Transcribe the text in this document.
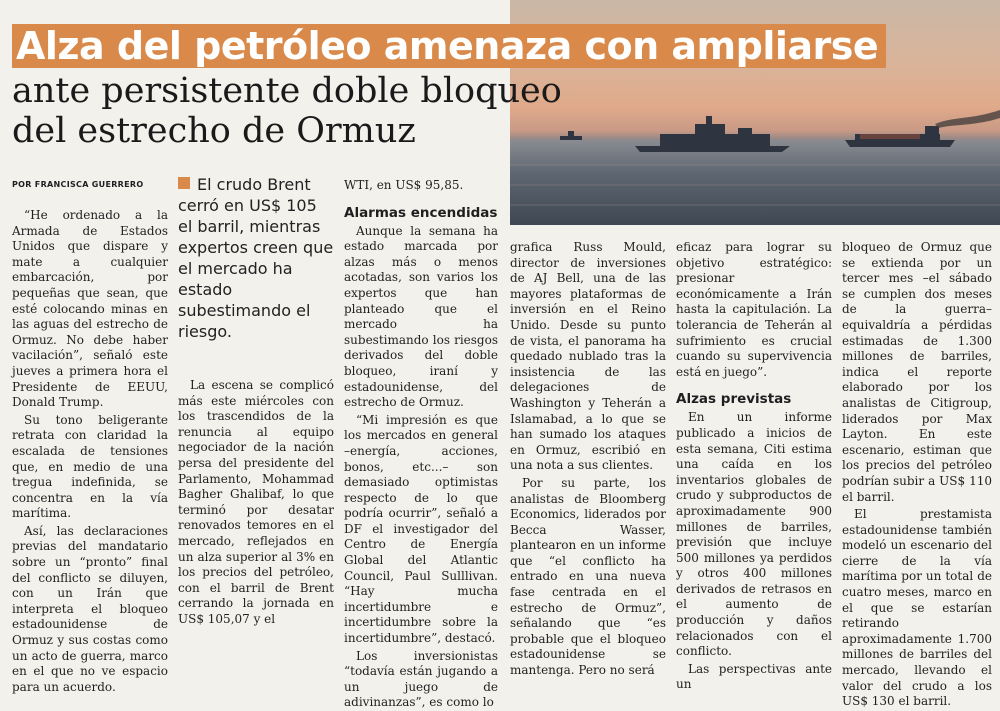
Alza del petróleo amenaza con ampliarse
ante persistente doble bloqueo del estrecho de Ormuz
POR FRANCISCA GUERRERO	El crudo Brent cerró en US$ 105 el barril, mientras expertos creen que el mercado ha estado subestimando el riesgo.

“He ordenado a la Armada de Estados Unidos que dispare y mate a cualquier embarcación, por pequeñas que sean, que esté colocando minas en las aguas del estrecho de Ormuz. No debe haber vacilación”, señaló este jueves a primera hora el Presidente de EEUU, Donald Trump.

Su tono beligerante retrata con claridad la escalada de tensiones que, en medio de una tregua indefinida, se concentra en la vía marítima.

Así, las declaraciones previas del mandatario sobre un “pronto” final del conflicto se diluyen, con un Irán que interpreta el bloqueo estadounidense de Ormuz y sus costas como un acto de guerra, marco en el que no ve espacio para un acuerdo.

La escena se complicó más este miércoles con los trascendidos de la renuncia al equipo negociador de la nación persa del presidente del Parlamento, Mohammad Bagher Ghalibaf, lo que terminó por desatar renovados temores en el mercado, reflejados en un alza superior al 3% en los precios del petróleo, con el barril de Brent cerrando la jornada en US$ 105,07 y el

WTI, en US$ 95,85.

Alarmas encendidas

Aunque la semana ha estado marcada por alzas más o menos acotadas, son varios los expertos que han planteado que el mercado ha subestimando los riesgos derivados del doble bloqueo, iraní y estadounidense, del estrecho de Ormuz.

“Mi impresión es que los mercados en general –energía, acciones, bonos, etc...– son demasiado optimistas respecto de lo que podría ocurrir”, señaló a DF el investigador del Centro de Energía Global del Atlantic Council, Paul Sulllivan. “Hay mucha incertidumbre e incertidumbre sobre la incertidumbre”, destacó.

Los inversionistas “todavía están jugando a un juego de adivinanzas”, es como lo

grafica Russ Mould, director de inversiones de AJ Bell, una de las mayores plataformas de inversión en el Reino Unido. Desde su punto de vista, el panorama ha quedado nublado tras la insistencia de las delegaciones de Washington y Teherán a Islamabad, a lo que se han sumado los ataques en Ormuz, escribió en una nota a sus clientes.

Por su parte, los analistas de Bloomberg Economics, liderados por Becca Wasser, plantearon en un informe que “el conflicto ha entrado en una nueva fase centrada en el estrecho de Ormuz”, señalando que “es probable que el bloqueo estadounidense se mantenga. Pero no será

eficaz para lograr su objetivo estratégico: presionar económicamente a Irán hasta la capitulación. La tolerancia de Teherán al sufrimiento es crucial cuando su supervivencia está en juego”.

Alzas previstas

En un informe publicado a inicios de esta semana, Citi estima una caída en los inventarios globales de crudo y subproductos de aproximadamente 900 millones de barriles, previsión que incluye 500 millones ya perdidos y otros 400 millones derivados de retrasos en el aumento de producción y daños relacionados con el conflicto.

Las perspectivas ante un

bloqueo de Ormuz que se extienda por un tercer mes –el sábado se cumplen dos meses de la guerra– equivaldría a pérdidas estimadas de 1.300 millones de barriles, indica el reporte elaborado por los analistas de Citigroup, liderados por Max Layton. En este escenario, estiman que los precios del petróleo podrían subir a US$ 110 el barril.

El prestamista estadounidense también modeló un escenario del cierre de la vía marítima por un total de cuatro meses, marco en el que se estarían retirando aproximadamente 1.700 millones de barriles del mercado, llevando el valor del crudo a los US$ 130 el barril.
